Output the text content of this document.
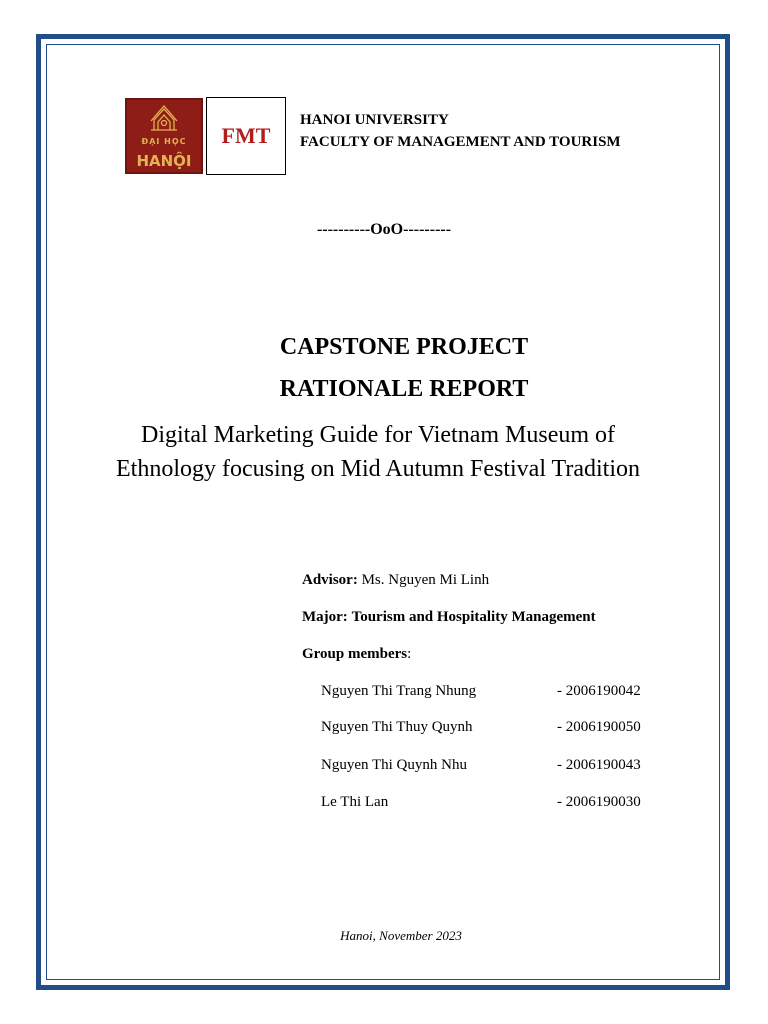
ĐẠI HỌC
HANỘI
FMT
HANOI UNIVERSITY
FACULTY OF MANAGEMENT AND TOURISM
----------OoO---------
CAPSTONE PROJECT
RATIONALE REPORT
Digital Marketing Guide for Vietnam Museum of Ethnology focusing on Mid Autumn Festival Tradition
Advisor: Ms. Nguyen Mi Linh
Major: Tourism and Hospitality Management
Group members:
Nguyen Thi Trang Nhung	- 2006190042
Nguyen Thi Thuy Quynh	- 2006190050
Nguyen Thi Quynh Nhu	- 2006190043
Le Thi Lan	- 2006190030
Hanoi, November 2023
